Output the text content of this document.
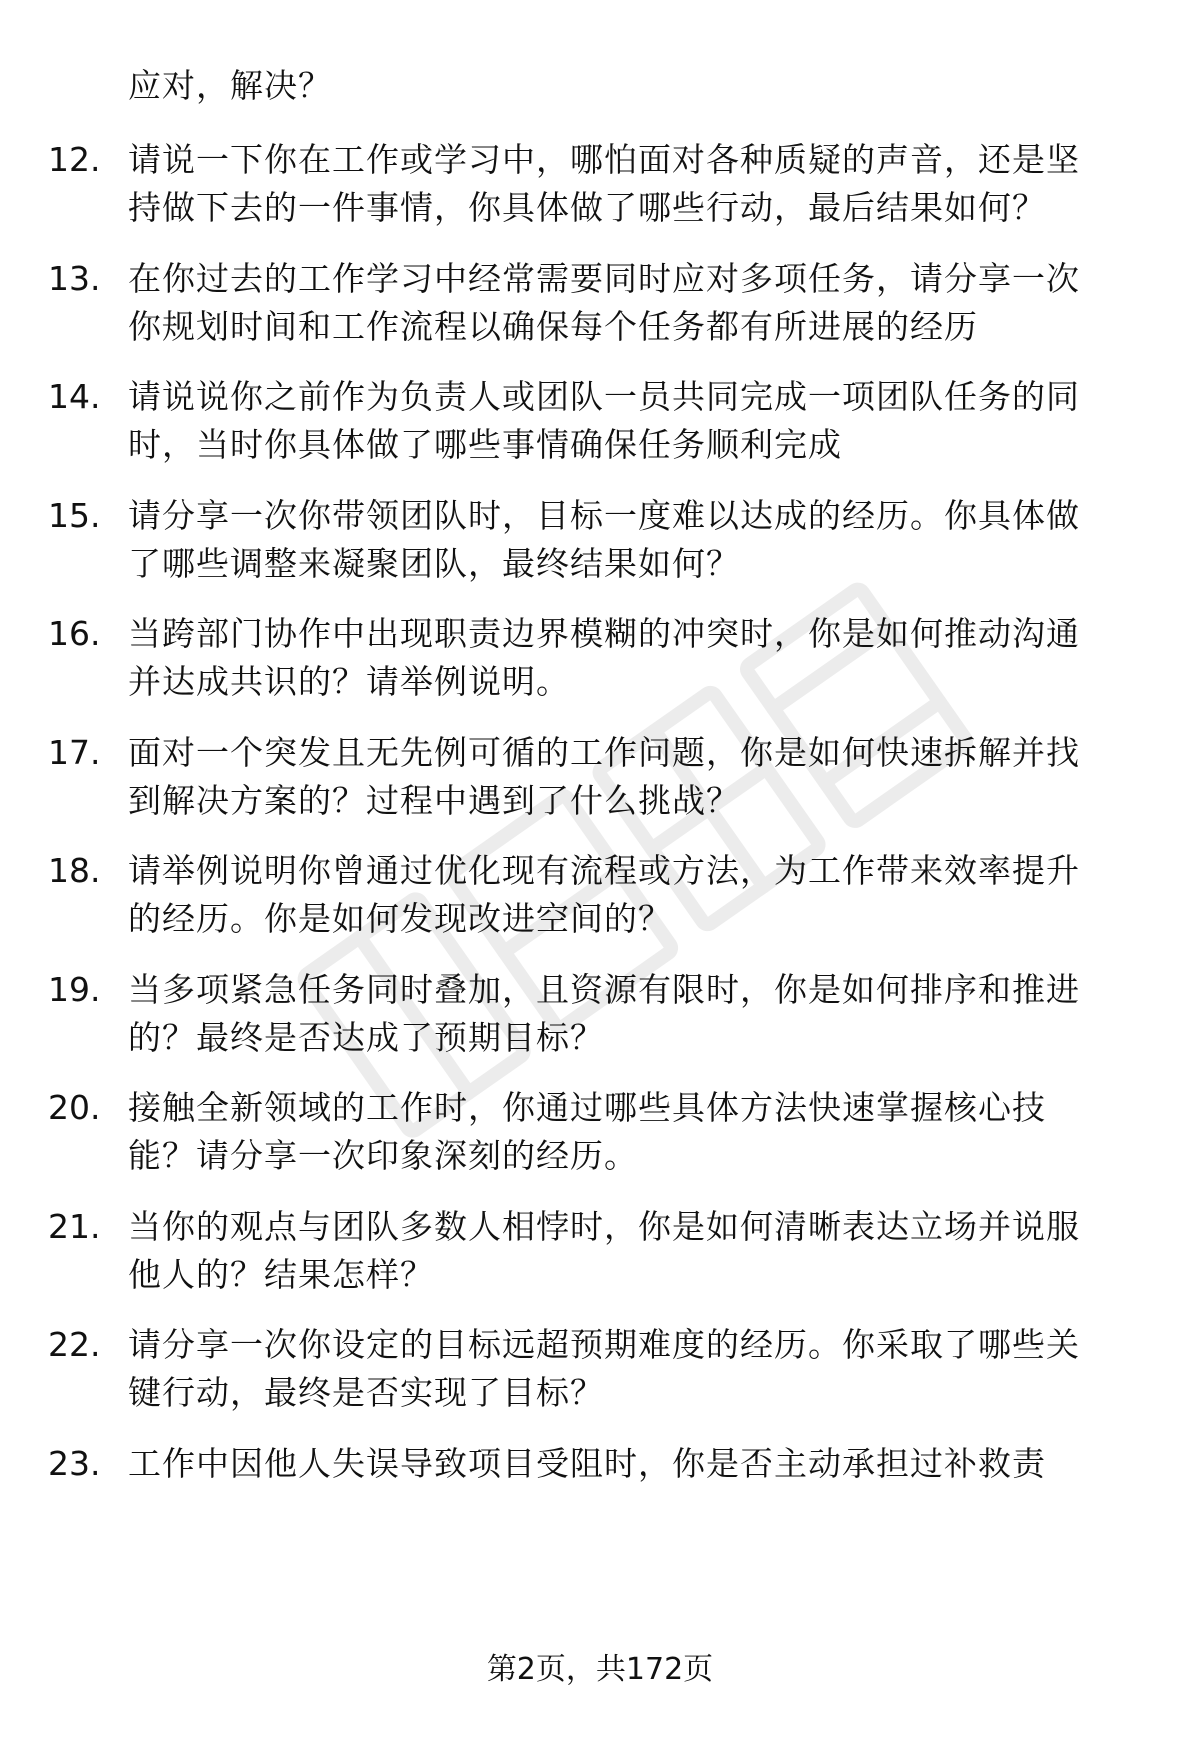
应对，解决？
12. 请说一下你在工作或学习中，哪怕面对各种质疑的声音，还是坚
持做下去的一件事情，你具体做了哪些行动，最后结果如何？
13. 在你过去的工作学习中经常需要同时应对多项任务，请分享一次
你规划时间和工作流程以确保每个任务都有所进展的经历
14. 请说说你之前作为负责人或团队一员共同完成一项团队任务的同
时，当时你具体做了哪些事情确保任务顺利完成
15. 请分享一次你带领团队时，目标一度难以达成的经历。你具体做
了哪些调整来凝聚团队，最终结果如何？
16. 当跨部门协作中出现职责边界模糊的冲突时，你是如何推动沟通
并达成共识的？请举例说明。
17. 面对一个突发且无先例可循的工作问题，你是如何快速拆解并找
到解决方案的？过程中遇到了什么挑战？
18. 请举例说明你曾通过优化现有流程或方法，为工作带来效率提升
的经历。你是如何发现改进空间的？
19. 当多项紧急任务同时叠加，且资源有限时，你是如何排序和推进
的？最终是否达成了预期目标？
20. 接触全新领域的工作时，你通过哪些具体方法快速掌握核心技
能？请分享一次印象深刻的经历。
21. 当你的观点与团队多数人相悖时，你是如何清晰表达立场并说服
他人的？结果怎样？
22. 请分享一次你设定的目标远超预期难度的经历。你采取了哪些关
键行动，最终是否实现了目标？
23. 工作中因他人失误导致项目受阻时，你是否主动承担过补救责
第2页，共172页
